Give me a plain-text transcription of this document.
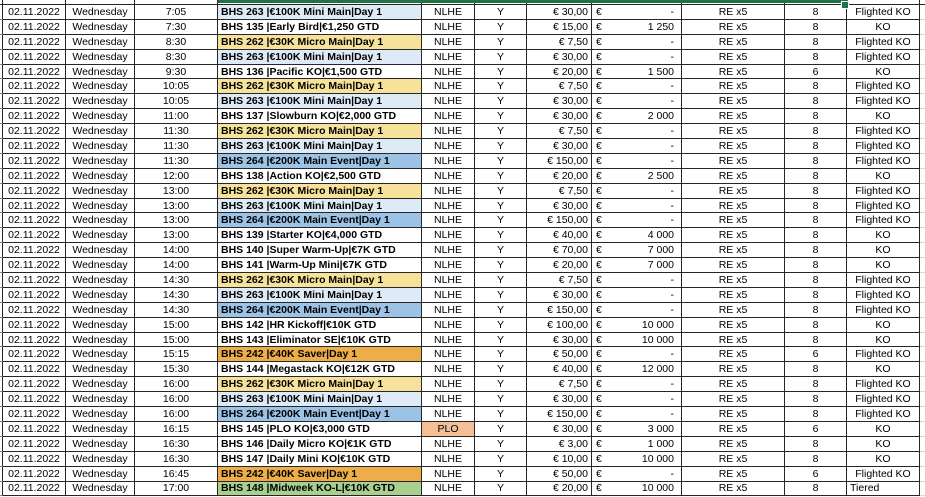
02.11.2022	Wednesday	7:05	BHS 263 |€100K Mini Main|Day 1	NLHE	Y	€ 30,00 €	-	RE x5	8	Flighted KO
02.11.2022	Wednesday	7:30	BHS 135 |Early Bird|€1,250 GTD	NLHE	Y	€ 15,00 €	1 250	RE x5	8	KO
02.11.2022	Wednesday	8:30	BHS 262 |€30K Micro Main|Day 1	NLHE	Y	€ 7,50 €	-	RE x5	8	Flighted KO
02.11.2022	Wednesday	8:30	BHS 263 |€100K Mini Main|Day 1	NLHE	Y	€ 30,00 €	-	RE x5	8	Flighted KO
02.11.2022	Wednesday	9:30	BHS 136 |Pacific KO|€1,500 GTD	NLHE	Y	€ 20,00 €	1 500	RE x5	6	KO
02.11.2022	Wednesday	10:05	BHS 262 |€30K Micro Main|Day 1	NLHE	Y	€ 7,50 €	-	RE x5	8	Flighted KO
02.11.2022	Wednesday	10:05	BHS 263 |€100K Mini Main|Day 1	NLHE	Y	€ 30,00 €	-	RE x5	8	Flighted KO
02.11.2022	Wednesday	11:00	BHS 137 |Slowburn KO|€2,000 GTD	NLHE	Y	€ 30,00 €	2 000	RE x5	8	KO
02.11.2022	Wednesday	11:30	BHS 262 |€30K Micro Main|Day 1	NLHE	Y	€ 7,50 €	-	RE x5	8	Flighted KO
02.11.2022	Wednesday	11:30	BHS 263 |€100K Mini Main|Day 1	NLHE	Y	€ 30,00 €	-	RE x5	8	Flighted KO
02.11.2022	Wednesday	11:30	BHS 264 |€200K Main Event|Day 1	NLHE	Y	€ 150,00 €	-	RE x5	8	Flighted KO
02.11.2022	Wednesday	12:00	BHS 138 |Action KO|€2,500 GTD	NLHE	Y	€ 20,00 €	2 500	RE x5	8	KO
02.11.2022	Wednesday	13:00	BHS 262 |€30K Micro Main|Day 1	NLHE	Y	€ 7,50 €	-	RE x5	8	Flighted KO
02.11.2022	Wednesday	13:00	BHS 263 |€100K Mini Main|Day 1	NLHE	Y	€ 30,00 €	-	RE x5	8	Flighted KO
02.11.2022	Wednesday	13:00	BHS 264 |€200K Main Event|Day 1	NLHE	Y	€ 150,00 €	-	RE x5	8	Flighted KO
02.11.2022	Wednesday	13:00	BHS 139 |Starter KO|€4,000 GTD	NLHE	Y	€ 40,00 €	4 000	RE x5	8	KO
02.11.2022	Wednesday	14:00	BHS 140 |Super Warm-Up|€7K GTD	NLHE	Y	€ 70,00 €	7 000	RE x5	8	KO
02.11.2022	Wednesday	14:00	BHS 141 |Warm-Up Mini|€7K GTD	NLHE	Y	€ 20,00 €	7 000	RE x5	8	KO
02.11.2022	Wednesday	14:30	BHS 262 |€30K Micro Main|Day 1	NLHE	Y	€ 7,50 €	-	RE x5	8	Flighted KO
02.11.2022	Wednesday	14:30	BHS 263 |€100K Mini Main|Day 1	NLHE	Y	€ 30,00 €	-	RE x5	8	Flighted KO
02.11.2022	Wednesday	14:30	BHS 264 |€200K Main Event|Day 1	NLHE	Y	€ 150,00 €	-	RE x5	8	Flighted KO
02.11.2022	Wednesday	15:00	BHS 142 |HR Kickoff|€10K GTD	NLHE	Y	€ 100,00 €	10 000	RE x5	8	KO
02.11.2022	Wednesday	15:00	BHS 143 |Eliminator SE|€10K GTD	NLHE	Y	€ 30,00 €	10 000	RE x5	8	KO
02.11.2022	Wednesday	15:15	BHS 242 |€40K Saver|Day 1	NLHE	Y	€ 50,00 €	-	RE x5	6	Flighted KO
02.11.2022	Wednesday	15:30	BHS 144 |Megastack KO|€12K GTD	NLHE	Y	€ 40,00 €	12 000	RE x5	8	KO
02.11.2022	Wednesday	16:00	BHS 262 |€30K Micro Main|Day 1	NLHE	Y	€ 7,50 €	-	RE x5	8	Flighted KO
02.11.2022	Wednesday	16:00	BHS 263 |€100K Mini Main|Day 1	NLHE	Y	€ 30,00 €	-	RE x5	8	Flighted KO
02.11.2022	Wednesday	16:00	BHS 264 |€200K Main Event|Day 1	NLHE	Y	€ 150,00 €	-	RE x5	8	Flighted KO
02.11.2022	Wednesday	16:15	BHS 145 |PLO KO|€3,000 GTD	PLO	Y	€ 30,00 €	3 000	RE x5	6	KO
02.11.2022	Wednesday	16:30	BHS 146 |Daily Micro KO|€1K GTD	NLHE	Y	€ 3,00 €	1 000	RE x5	8	KO
02.11.2022	Wednesday	16:30	BHS 147 |Daily Mini KO|€10K GTD	NLHE	Y	€ 10,00 €	10 000	RE x5	8	KO
02.11.2022	Wednesday	16:45	BHS 242 |€40K Saver|Day 1	NLHE	Y	€ 50,00 €	-	RE x5	6	Flighted KO
02.11.2022	Wednesday	17:00	BHS 148 |Midweek KO-L|€10K GTD	NLHE	Y	€ 20,00 €	10 000	RE x5	8	Tiered
